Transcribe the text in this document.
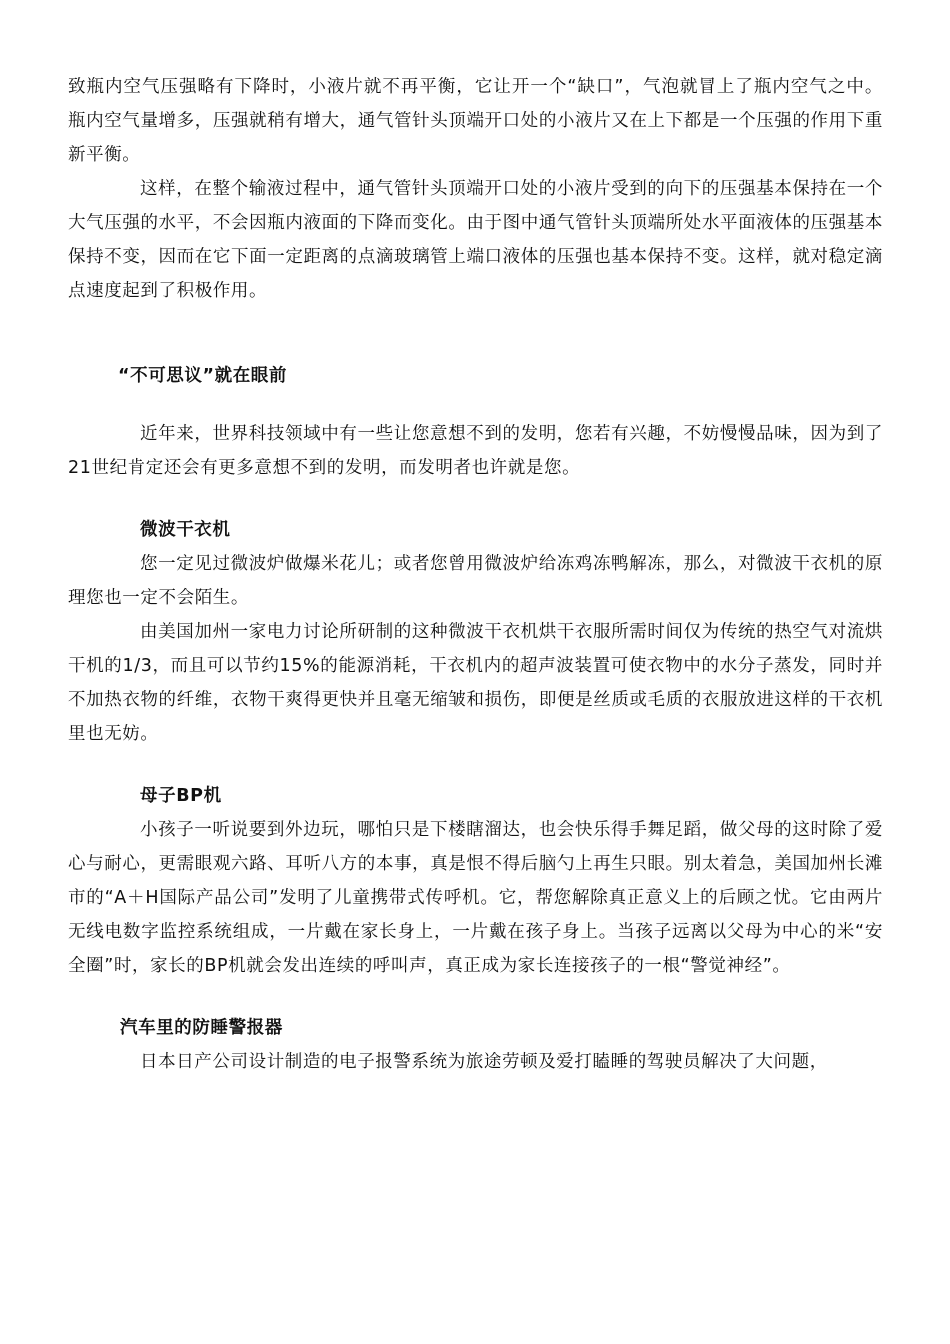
致瓶内空气压强略有下降时，小液片就不再平衡，它让开一个“缺口”，气泡就冒上了瓶内空气之中。瓶内空气量增多，压强就稍有增大，通气管针头顶端开口处的小液片又在上下都是一个压强的作用下重新平衡。

这样，在整个输液过程中，通气管针头顶端开口处的小液片受到的向下的压强基本保持在一个大气压强的水平，不会因瓶内液面的下降而变化。由于图中通气管针头顶端所处水平面液体的压强基本保持不变，因而在它下面一定距离的点滴玻璃管上端口液体的压强也基本保持不变。这样，就对稳定滴点速度起到了积极作用。

“不可思议”就在眼前

近年来，世界科技领域中有一些让您意想不到的发明，您若有兴趣，不妨慢慢品味，因为到了21世纪肯定还会有更多意想不到的发明，而发明者也许就是您。

微波干衣机

您一定见过微波炉做爆米花儿；或者您曾用微波炉给冻鸡冻鸭解冻，那么，对微波干衣机的原理您也一定不会陌生。

由美国加州一家电力讨论所研制的这种微波干衣机烘干衣服所需时间仅为传统的热空气对流烘干机的1/3，而且可以节约15%的能源消耗，干衣机内的超声波装置可使衣物中的水分子蒸发，同时并不加热衣物的纤维，衣物干爽得更快并且毫无缩皱和损伤，即便是丝质或毛质的衣服放进这样的干衣机里也无妨。

母子BP机

小孩子一听说要到外边玩，哪怕只是下楼瞎溜达，也会快乐得手舞足蹈，做父母的这时除了爱心与耐心，更需眼观六路、耳听八方的本事，真是恨不得后脑勺上再生只眼。别太着急，美国加州长滩市的“A＋H国际产品公司”发明了儿童携带式传呼机。它，帮您解除真正意义上的后顾之忧。它由两片无线电数字监控系统组成，一片戴在家长身上，一片戴在孩子身上。当孩子远离以父母为中心的米“安全圈”时，家长的BP机就会发出连续的呼叫声，真正成为家长连接孩子的一根“警觉神经”。

汽车里的防睡警报器

日本日产公司设计制造的电子报警系统为旅途劳顿及爱打瞌睡的驾驶员解决了大问题，
